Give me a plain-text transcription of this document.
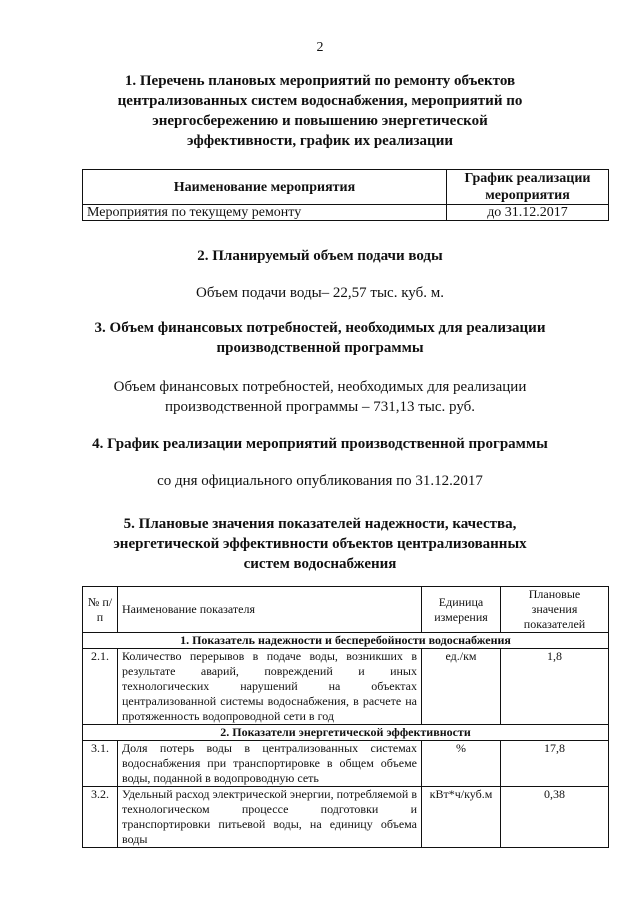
2
1. Перечень плановых мероприятий по ремонту объектов
централизованных систем водоснабжения, мероприятий по
энергосбережению и повышению энергетической
эффективности, график их реализации
Наименование мероприятия	График реализации мероприятия
Мероприятия по текущему ремонту	до 31.12.2017
2. Планируемый объем подачи воды
Объем подачи воды– 22,57 тыс. куб. м.
3. Объем финансовых потребностей, необходимых для реализации
производственной программы
Объем финансовых потребностей, необходимых для реализации
производственной программы – 731,13 тыс. руб.
4. График реализации мероприятий производственной программы
со дня официального опубликования по 31.12.2017
5. Плановые значения показателей надежности, качества,
энергетической эффективности объектов централизованных
систем водоснабжения
№ п/п	Наименование показателя	Единица измерения	Плановые значения показателей
1. Показатель надежности и бесперебойности водоснабжения			
2.1.	Количество перерывов в подаче воды, возникших в результате аварий, повреждений и иных технологических нарушений на объектах централизованной системы водоснабжения, в расчете на протяженность водопроводной сети в год	ед./км	1,8
2. Показатели энергетической эффективности			
3.1.	Доля потерь воды в централизованных системах водоснабжения при транспортировке в общем объеме воды, поданной в водопроводную сеть	%	17,8
3.2.	Удельный расход электрической энергии, потребляемой в технологическом процессе подготовки и транспортировки питьевой воды, на единицу объема воды	кВт*ч/куб.м	0,38
